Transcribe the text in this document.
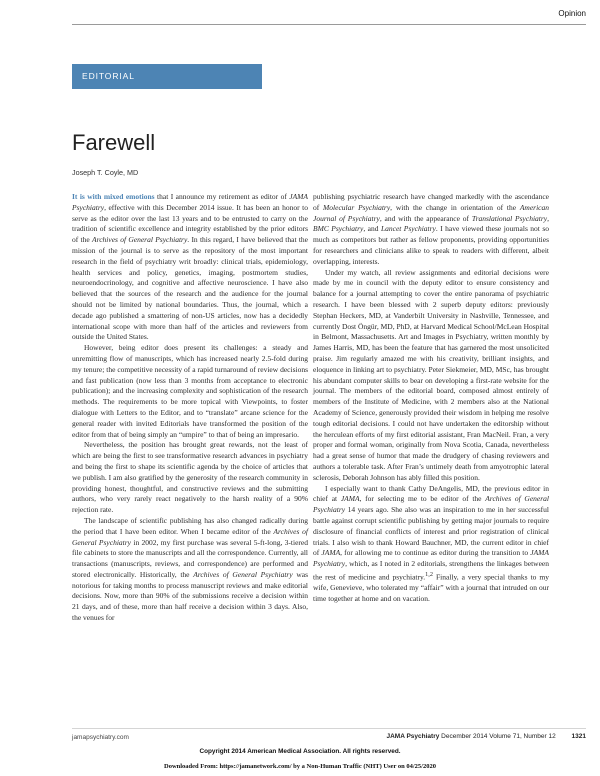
Opinion
EDITORIAL
Farewell
Joseph T. Coyle, MD

It is with mixed emotions that I announce my retirement as editor of JAMA Psychiatry, effective with this December 2014 issue. It has been an honor to serve as the editor over the last 13 years and to be entrusted to carry on the tradition of scientific excellence and integrity established by the prior editors of the Archives of General Psychiatry. In this regard, I have believed that the mission of the journal is to serve as the repository of the most important research in the field of psychiatry writ broadly: clinical trials, epidemiology, health services and policy, genetics, imaging, postmortem studies, neuroendocrinology, and cognitive and affective neuroscience. I have also believed that the sources of the research and the audience for the journal should not be limited by national boundaries. Thus, the journal, which a decade ago published a smattering of non-US articles, now has a decidedly international scope with more than half of the articles and reviewers from outside the United States.

However, being editor does present its challenges: a steady and unremitting flow of manuscripts, which has increased nearly 2.5-fold during my tenure; the competitive necessity of a rapid turnaround of review decisions and fast publication (now less than 3 months from acceptance to electronic publication); and the increasing complexity and sophistication of the research methods. The requirements to be more topical with Viewpoints, to foster dialogue with Letters to the Editor, and to “translate” arcane science for the general reader with invited Editorials have transformed the position of the editor from that of being simply an “umpire” to that of being an impresario.

Nevertheless, the position has brought great rewards, not the least of which are being the first to see transformative research advances in psychiatry and being the first to shape its scientific agenda by the choice of articles that we publish. I am also gratified by the generosity of the research community in providing honest, thoughtful, and constructive reviews and the submitting authors, who very rarely react negatively to the harsh reality of a 90% rejection rate.

The landscape of scientific publishing has also changed radically during the period that I have been editor. When I became editor of the Archives of General Psychiatry in 2002, my first purchase was several 5-ft-long, 3-tiered file cabinets to store the manuscripts and all the correspondence. Currently, all transactions (manuscripts, reviews, and correspondence) are performed and stored electronically. Historically, the Archives of General Psychiatry was notorious for taking months to process manuscript reviews and make editorial decisions. Now, more than 90% of the submissions receive a decision within 21 days, and of these, more than half receive a decision within 3 days. Also, the venues for

publishing psychiatric research have changed markedly with the ascendance of Molecular Psychiatry, with the change in orientation of the American Journal of Psychiatry, and with the appearance of Translational Psychiatry, BMC Psychiatry, and Lancet Psychiatry. I have viewed these journals not so much as competitors but rather as fellow proponents, providing opportunities for researchers and clinicians alike to speak to readers with different, albeit overlapping, interests.

Under my watch, all review assignments and editorial decisions were made by me in council with the deputy editor to ensure consistency and balance for a journal attempting to cover the entire panorama of psychiatric research. I have been blessed with 2 superb deputy editors: previously Stephan Heckers, MD, at Vanderbilt University in Nashville, Tennessee, and currently Dost Öngür, MD, PhD, at Harvard Medical School/McLean Hospital in Belmont, Massachusetts. Art and Images in Psychiatry, written monthly by James Harris, MD, has been the feature that has garnered the most unsolicited praise. Jim regularly amazed me with his creativity, brilliant insights, and eloquence in linking art to psychiatry. Peter Siekmeier, MD, MSc, has brought his abundant computer skills to bear on developing a first-rate website for the journal. The members of the editorial board, composed almost entirely of members of the Institute of Medicine, with 2 members also at the National Academy of Science, generously provided their wisdom in helping me resolve tough editorial decisions. I could not have undertaken the editorship without the herculean efforts of my first editorial assistant, Fran MacNeil. Fran, a very proper and formal woman, originally from Nova Scotia, Canada, nevertheless had a great sense of humor that made the drudgery of chasing reviewers and authors a tolerable task. After Fran’s untimely death from amyotrophic lateral sclerosis, Deborah Johnson has ably filled this position.

I especially want to thank Cathy DeAngelis, MD, the previous editor in chief at JAMA, for selecting me to be editor of the Archives of General Psychiatry 14 years ago. She also was an inspiration to me in her successful battle against corrupt scientific publishing by getting major journals to require disclosure of financial conflicts of interest and prior registration of clinical trials. I also wish to thank Howard Bauchner, MD, the current editor in chief of JAMA, for allowing me to continue as editor during the transition to JAMA Psychiatry, which, as I noted in 2 editorials, strengthens the linkages between the rest of medicine and psychiatry.$^{1,2}$ Finally, a very special thanks to my wife, Genevieve, who tolerated my “affair” with a journal that intruded on our time together at home and on vacation.

jamapsychiatry.com	JAMA Psychiatry December 2014 Volume 71, Number 12 1321
Copyright 2014 American Medical Association. All rights reserved.
Downloaded From: https://jamanetwork.com/ by a Non-Human Traffic (NHT) User on 04/25/2020
